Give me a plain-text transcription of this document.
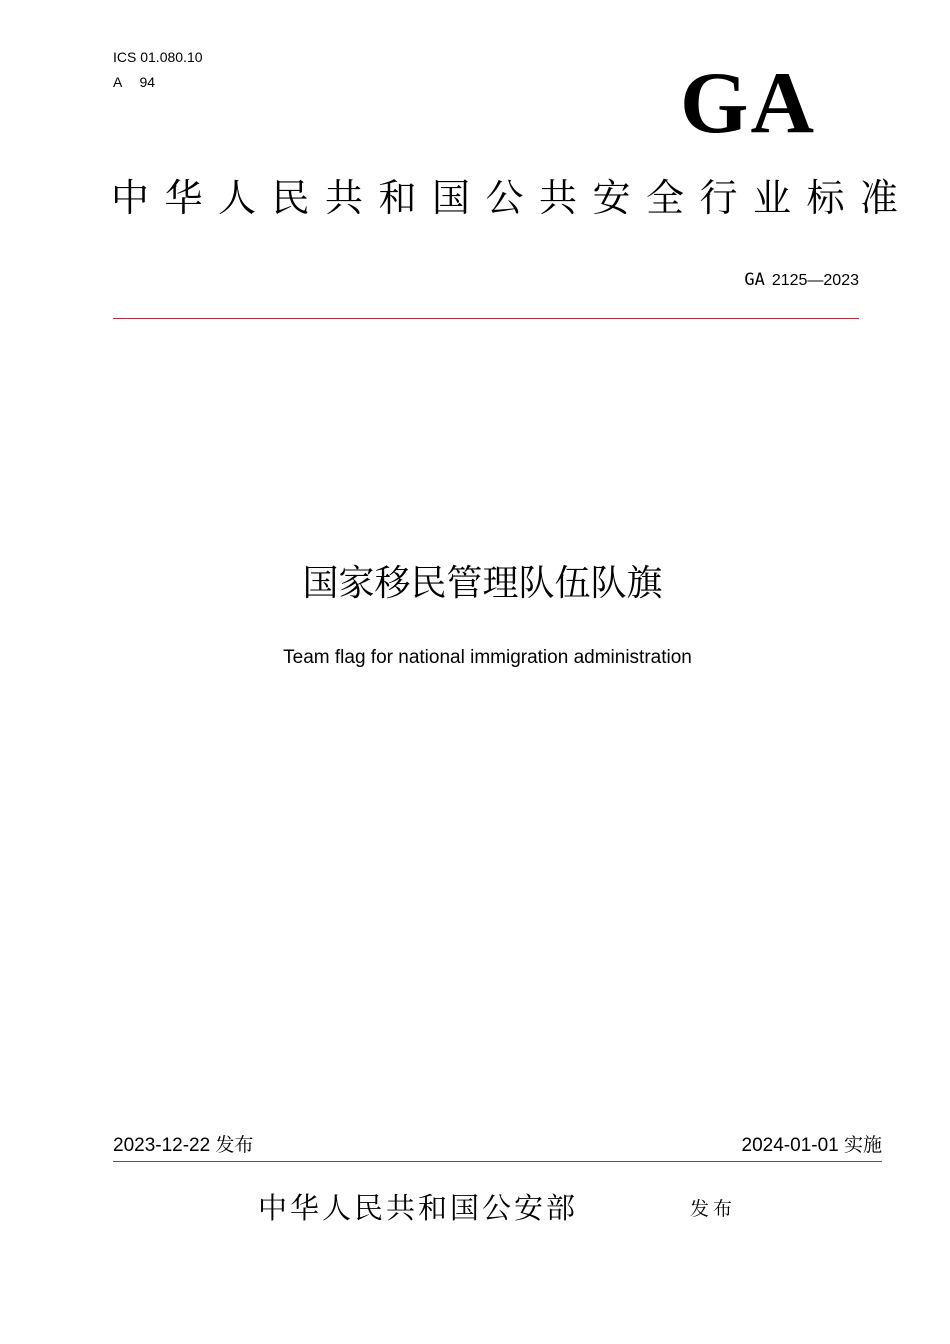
ICS 01.080.10
A 94	GA
中华人民共和国公共安全行业标准
GA 2125—2023
国家移民管理队伍队旗
Team flag for national immigration administration
2023-12-22 发布	2024-01-01 实施
中华人民共和国公安部	发布
